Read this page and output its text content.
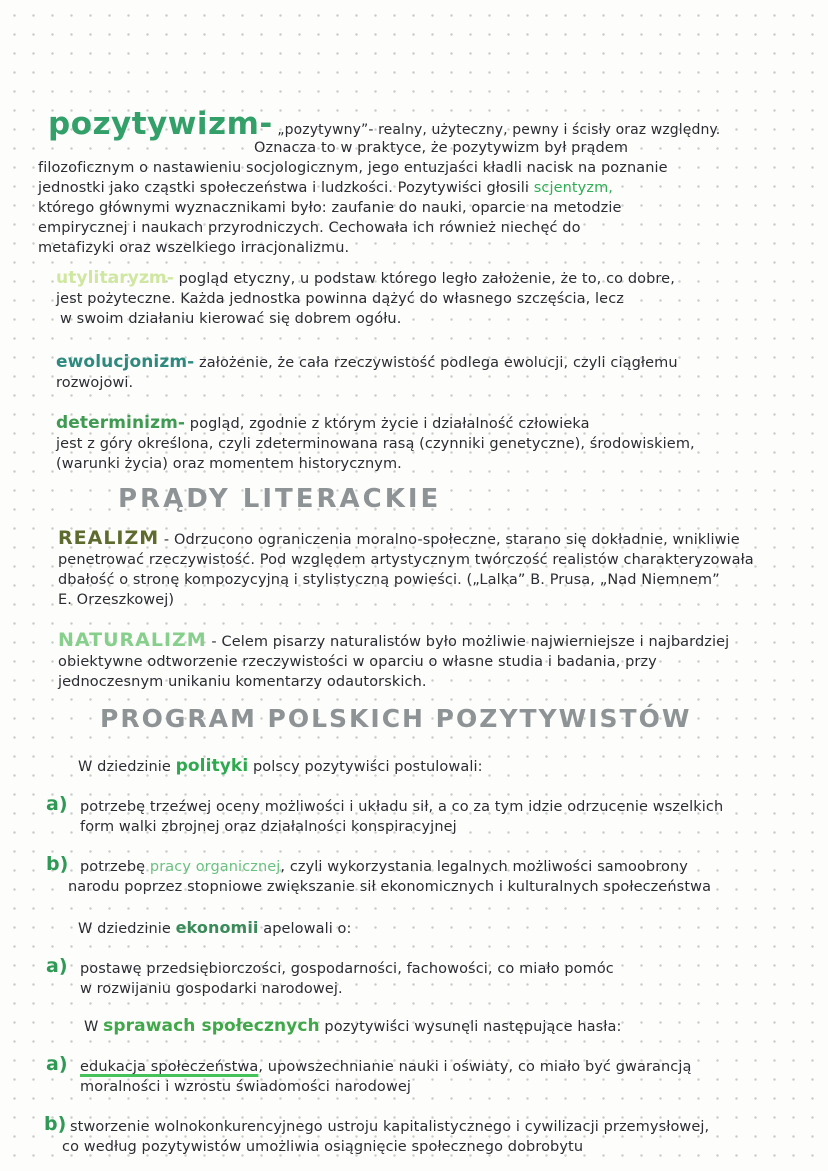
pozytywizm- „pozytywny”- realny, użyteczny, pewny i ścisły oraz względny.
Oznacza to w praktyce, że pozytywizm był prądem
filozoficznym o nastawieniu socjologicznym, jego entuzjaści kładli nacisk na poznanie
jednostki jako cząstki społeczeństwa i ludzkości. Pozytywiści głosili scjentyzm,
którego głównymi wyznacznikami było: zaufanie do nauki, oparcie na metodzie
empirycznej i naukach przyrodniczych. Cechowała ich również niechęć do
metafizyki oraz wszelkiego irracjonalizmu.
utylitaryzm- pogląd etyczny, u podstaw którego legło założenie, że to, co dobre,
jest pożyteczne. Każda jednostka powinna dążyć do własnego szczęścia, lecz
w swoim działaniu kierować się dobrem ogółu.
ewolucjonizm- założenie, że cała rzeczywistość podlega ewolucji, czyli ciągłemu
rozwojowi.
determinizm- pogląd, zgodnie z którym życie i działalność człowieka
jest z góry określona, czyli zdeterminowana rasą (czynniki genetyczne), środowiskiem,
(warunki życia) oraz momentem historycznym.
PRĄDY LITERACKIE
REALIZM - Odrzucono ograniczenia moralno-społeczne, starano się dokładnie, wnikliwie
penetrować rzeczywistość. Pod względem artystycznym twórczość realistów charakteryzowała
dbałość o stronę kompozycyjną i stylistyczną powieści. („Lalka” B. Prusa, „Nad Niemnem”
E. Orzeszkowej)
NATURALIZM - Celem pisarzy naturalistów było możliwie najwierniejsze i najbardziej
obiektywne odtworzenie rzeczywistości w oparciu o własne studia i badania, przy
jednoczesnym unikaniu komentarzy odautorskich.
PROGRAM POLSKICH POZYTYWISTÓW
W dziedzinie polityki polscy pozytywiści postulowali:
a) potrzebę trzeźwej oceny możliwości i układu sił, a co za tym idzie odrzucenie wszelkich
form walki zbrojnej oraz działalności konspiracyjnej
b) potrzebę pracy organicznej, czyli wykorzystania legalnych możliwości samoobrony
narodu poprzez stopniowe zwiększanie sił ekonomicznych i kulturalnych społeczeństwa
W dziedzinie ekonomii apelowali o:
a) postawę przedsiębiorczości, gospodarności, fachowości, co miało pomóc
w rozwijaniu gospodarki narodowej.
W sprawach społecznych pozytywiści wysunęli następujące hasła:
a) edukacja społeczeństwa, upowszechnianie nauki i oświaty, co miało być gwarancją
moralności i wzrostu świadomości narodowej
b) stworzenie wolnokonkurencyjnego ustroju kapitalistycznego i cywilizacji przemysłowej,
co według pozytywistów umożliwia osiągnięcie społecznego dobrobytu
